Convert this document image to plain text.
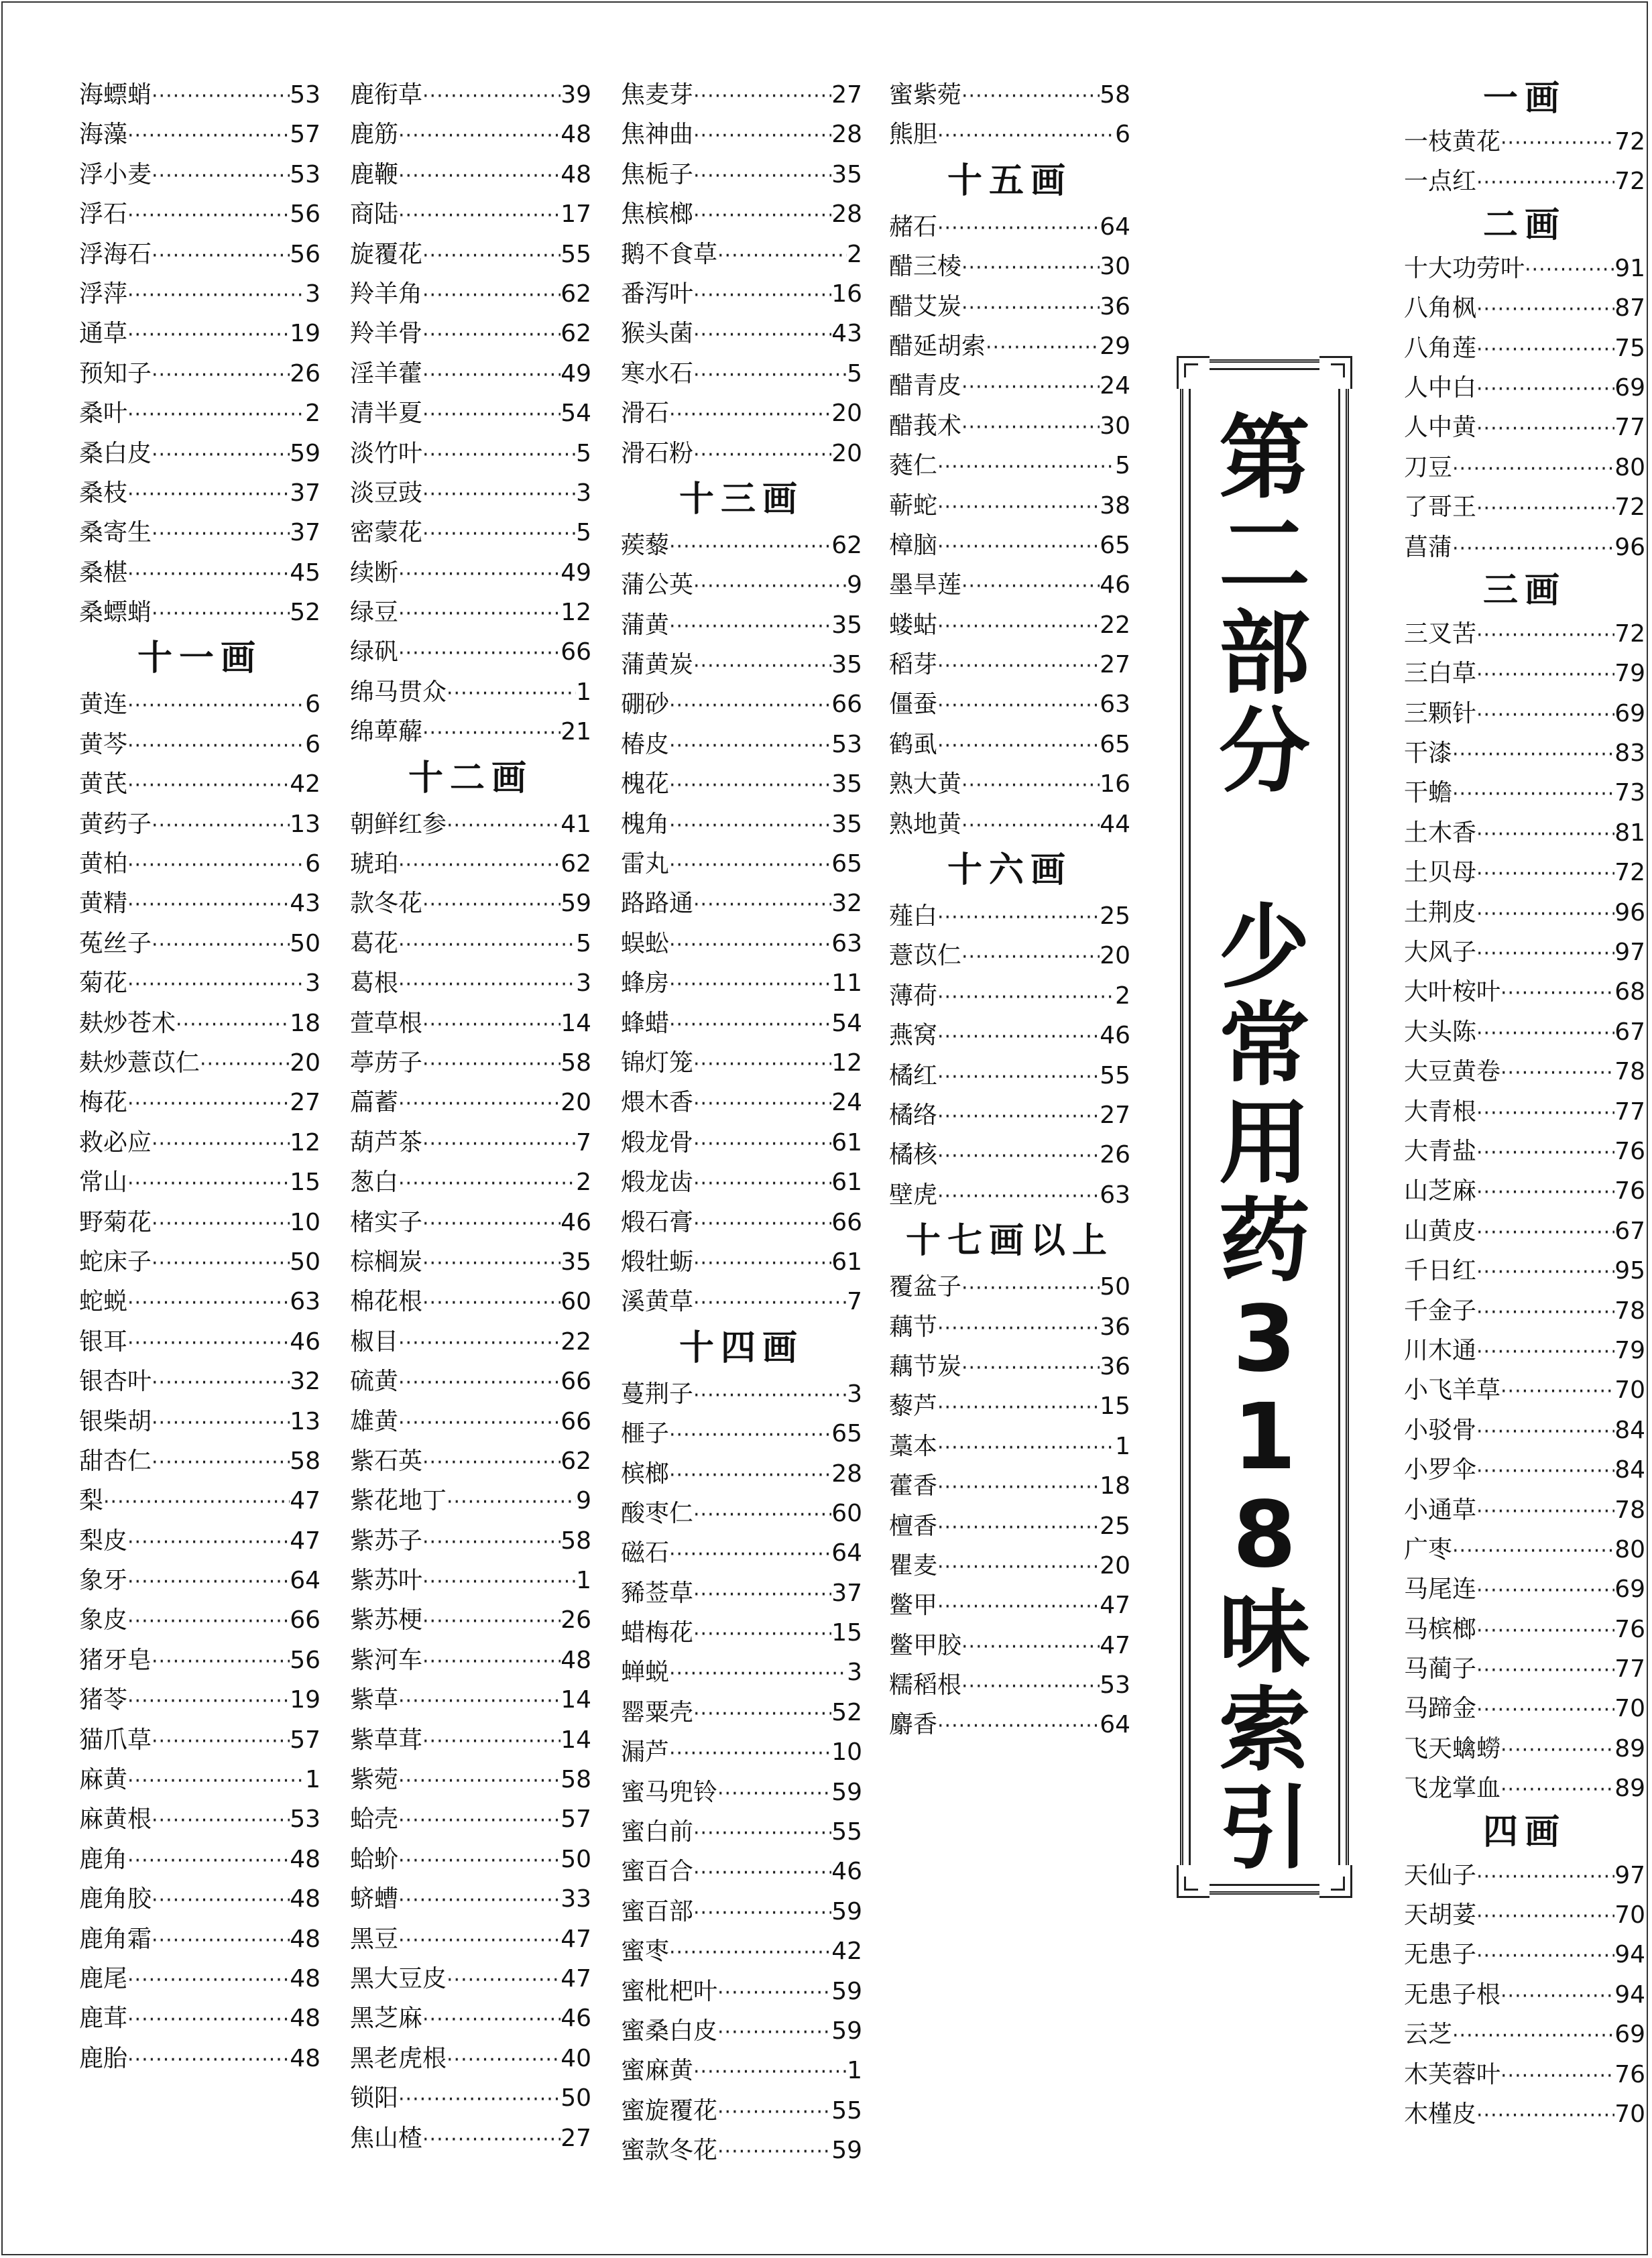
海螵蛸 ·····	53
海藻 ·····	57
浮小麦 ·····	53
浮石 ·····	56
浮海石 ·····	56
浮萍 ·····	3
通草 ·····	19
预知子 ·····	26
桑叶 ·····	2
桑白皮 ·····	59
桑枝 ·····	37
桑寄生 ·····	37
桑椹 ·····	45
桑螵蛸 ·····	52
十一画
黄连 ·····	6
黄芩 ·····	6
黄芪 ·····	42
黄药子 ·····	13
黄柏 ·····	6
黄精 ·····	43
菟丝子 ·····	50
菊花 ·····	3
麸炒苍术 ·····	18
麸炒薏苡仁 ·····	20
梅花 ·····	27
救必应 ·····	12
常山 ·····	15
野菊花 ·····	10
蛇床子 ·····	50
蛇蜕 ·····	63
银耳 ·····	46
银杏叶 ·····	32
银柴胡 ·····	13
甜杏仁 ·····	58
梨 ·····	47
梨皮 ·····	47
象牙 ·····	64
象皮 ·····	66
猪牙皂 ·····	56
猪苓 ·····	19
猫爪草 ·····	57
麻黄 ·····	1
麻黄根 ·····	53
鹿角 ·····	48
鹿角胶 ·····	48
鹿角霜 ·····	48
鹿尾 ·····	48
鹿茸 ·····	48
鹿胎 ·····	48
鹿衔草 ·····	39
鹿筋 ·····	48
鹿鞭 ·····	48
商陆 ·····	17
旋覆花 ·····	55
羚羊角 ·····	62
羚羊骨 ·····	62
淫羊藿 ·····	49
清半夏 ·····	54
淡竹叶 ·····	5
淡豆豉 ·····	3
密蒙花 ·····	5
续断 ·····	49
绿豆 ·····	12
绿矾 ·····	66
绵马贯众 ·····	1
绵萆薢 ·····	21
十二画
朝鲜红参 ·····	41
琥珀 ·····	62
款冬花 ·····	59
葛花 ·····	5
葛根 ·····	3
萱草根 ·····	14
葶苈子 ·····	58
萹蓄 ·····	20
葫芦茶 ·····	7
葱白 ·····	2
楮实子 ·····	46
棕榈炭 ·····	35
棉花根 ·····	60
椒目 ·····	22
硫黄 ·····	66
雄黄 ·····	66
紫石英 ·····	62
紫花地丁 ·····	9
紫苏子 ·····	58
紫苏叶 ·····	1
紫苏梗 ·····	26
紫河车 ·····	48
紫草 ·····	14
紫草茸 ·····	14
紫菀 ·····	58
蛤壳 ·····	57
蛤蚧 ·····	50
蛴螬 ·····	33
黑豆 ·····	47
黑大豆皮 ·····	47
黑芝麻 ·····	46
黑老虎根 ·····	40
锁阳 ·····	50
焦山楂 ·····	27
焦麦芽 ·····	27
焦神曲 ·····	28
焦栀子 ·····	35
焦槟榔 ·····	28
鹅不食草 ·····	2
番泻叶 ·····	16
猴头菌 ·····	43
寒水石 ·····	5
滑石 ·····	20
滑石粉 ·····	20
十三画
蒺藜 ·····	62
蒲公英 ·····	9
蒲黄 ·····	35
蒲黄炭 ·····	35
硼砂 ·····	66
椿皮 ·····	53
槐花 ·····	35
槐角 ·····	35
雷丸 ·····	65
路路通 ·····	32
蜈蚣 ·····	63
蜂房 ·····	11
蜂蜡 ·····	54
锦灯笼 ·····	12
煨木香 ·····	24
煅龙骨 ·····	61
煅龙齿 ·····	61
煅石膏 ·····	66
煅牡蛎 ·····	61
溪黄草 ·····	7
十四画
蔓荆子 ·····	3
榧子 ·····	65
槟榔 ·····	28
酸枣仁 ·····	60
磁石 ·····	64
豨莶草 ·····	37
蜡梅花 ·····	15
蝉蜕 ·····	3
罂粟壳 ·····	52
漏芦 ·····	10
蜜马兜铃 ·····	59
蜜白前 ·····	55
蜜百合 ·····	46
蜜百部 ·····	59
蜜枣 ·····	42
蜜枇杷叶 ·····	59
蜜桑白皮 ·····	59
蜜麻黄 ·····	1
蜜旋覆花 ·····	55
蜜款冬花 ·····	59
蜜紫菀 ·····	58
熊胆 ·····	6
十五画
赭石 ·····	64
醋三棱 ·····	30
醋艾炭 ·····	36
醋延胡索 ·····	29
醋青皮 ·····	24
醋莪术 ·····	30
蕤仁 ·····	5
蕲蛇 ·····	38
樟脑 ·····	65
墨旱莲 ·····	46
蝼蛄 ·····	22
稻芽 ·····	27
僵蚕 ·····	63
鹤虱 ·····	65
熟大黄 ·····	16
熟地黄 ·····	44
十六画
薤白 ·····	25
薏苡仁 ·····	20
薄荷 ·····	2
燕窝 ·····	46
橘红 ·····	55
橘络 ·····	27
橘核 ·····	26
壁虎 ·····	63
十七画以上
覆盆子 ·····	50
藕节 ·····	36
藕节炭 ·····	36
藜芦 ·····	15
藁本 ·····	1
藿香 ·····	18
檀香 ·····	25
瞿麦 ·····	20
鳖甲 ·····	47
鳖甲胶 ·····	47
糯稻根 ·····	53
麝香 ·····	64
一画
一枝黄花 ·····	72
一点红 ·····	72
二画
十大功劳叶 ·····	91
八角枫 ·····	87
八角莲 ·····	75
人中白 ·····	69
人中黄 ·····	77
刀豆 ·····	80
了哥王 ·····	72
菖蒲 ·····	96
三画
三叉苦 ·····	72
三白草 ·····	79
三颗针 ·····	69
干漆 ·····	83
干蟾 ·····	73
土木香 ·····	81
土贝母 ·····	72
土荆皮 ·····	96
大风子 ·····	97
大叶桉叶 ·····	68
大头陈 ·····	67
大豆黄卷 ·····	78
大青根 ·····	77
大青盐 ·····	76
山芝麻 ·····	76
山黄皮 ·····	67
千日红 ·····	95
千金子 ·····	78
川木通 ·····	79
小飞羊草 ·····	70
小驳骨 ·····	84
小罗伞 ·····	84
小通草 ·····	78
广枣 ·····	80
马尾连 ·····	69
马槟榔 ·····	76
马蔺子 ·····	77
马蹄金 ·····	70
飞天蠄蟧 ·····	89
飞龙掌血 ·····	89
四画
天仙子 ·····	97
天胡荽 ·····	70
无患子 ·····	94
无患子根 ·····	94
云芝 ·····	69
木芙蓉叶 ·····	76
木槿皮 ·····	70
第
二
部
分
少
常
用
药
3
1
8
味
索
引
